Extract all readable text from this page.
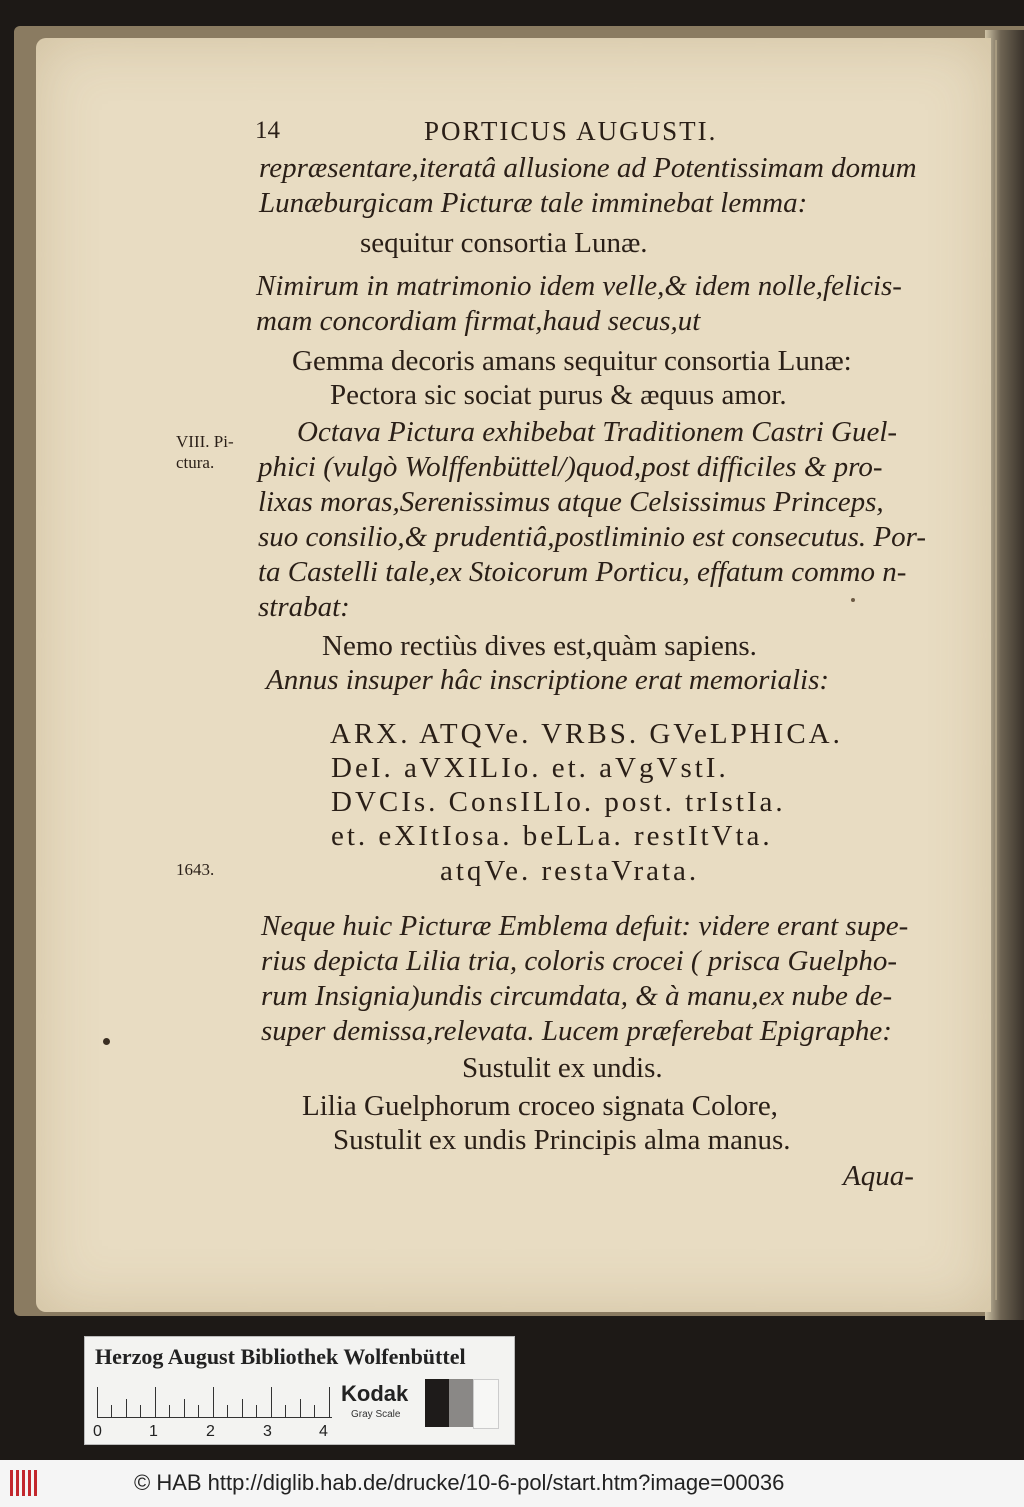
14	PORTICUS AUGUSTI.
repræsentare,iteratâ allusione ad Potentissimam domum
Lunæburgicam Picturæ tale imminebat lemma:
sequitur consortia Lunæ.
Nimirum in matrimonio idem velle,& idem nolle,felicis-
mam concordiam firmat,haud secus,ut
Gemma decoris amans sequitur consortia Lunæ:
Pectora sic sociat purus & æquus amor.
VIII. Pi-
ctura.
Octava Pictura exhibebat Traditionem Castri Guel-
phici (vulgò Wolffenbüttel/)quod,post difficiles & pro-
lixas moras,Serenissimus atque Celsissimus Princeps,
suo consilio,& prudentiâ,postliminio est consecutus. Por-
ta Castelli tale,ex Stoicorum Porticu, effatum commo n-
strabat:
Nemo rectiùs dives est,quàm sapiens.
Annus insuper hâc inscriptione erat memorialis:
ARX. ATQVe. VRBS. GVeLPHICA.
DeI. aVXILIo. et. aVgVstI.
DVCIs. ConsILIo. post. trIstIa.
et. eXItIosa. beLLa. restItVta.
atqVe. restaVrata.
1643.
Neque huic Picturæ Emblema defuit: videre erant supe-
rius depicta Lilia tria, coloris crocei ( prisca Guelpho-
rum Insignia)undis circumdata, & à manu,ex nube de-
super demissa,relevata. Lucem præferebat Epigraphe:
Sustulit ex undis.
Lilia Guelphorum croceo signata Colore,
Sustulit ex undis Principis alma manus.
Aqua-
Herzog August Bibliothek Wolfenbüttel
0	1	2	3	4
Kodak
Gray Scale
© HAB http://diglib.hab.de/drucke/10-6-pol/start.htm?image=00036
